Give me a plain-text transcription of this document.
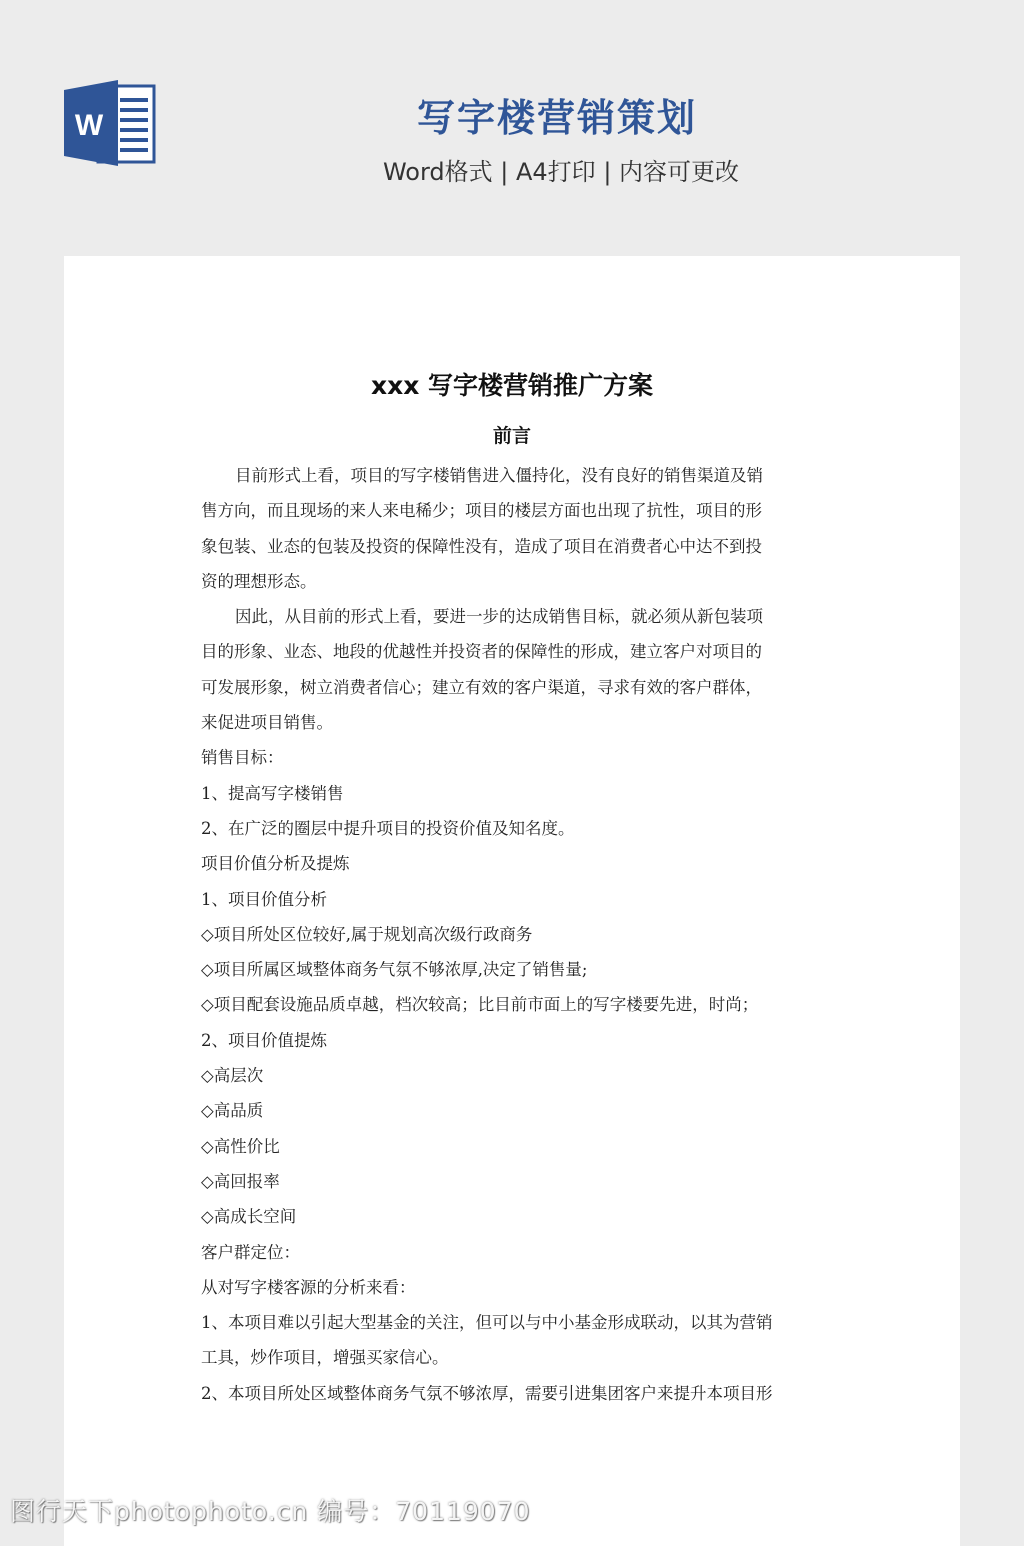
W	写字楼营销策划
Word格式 | A4打印 | 内容可更改
xxx 写字楼营销推广方案
前言
目前形式上看，项目的写字楼销售进入僵持化，没有良好的销售渠道及销
售方向，而且现场的来人来电稀少；项目的楼层方面也出现了抗性，项目的形
象包装、业态的包装及投资的保障性没有，造成了项目在消费者心中达不到投
资的理想形态。
因此，从目前的形式上看，要进一步的达成销售目标，就必须从新包装项
目的形象、业态、地段的优越性并投资者的保障性的形成，建立客户对项目的
可发展形象，树立消费者信心；建立有效的客户渠道，寻求有效的客户群体，
来促进项目销售。
销售目标：
1、提高写字楼销售
2、在广泛的圈层中提升项目的投资价值及知名度。
项目价值分析及提炼
1、项目价值分析
◇项目所处区位较好,属于规划高次级行政商务
◇项目所属区域整体商务气氛不够浓厚,决定了销售量;
◇项目配套设施品质卓越，档次较高；比目前市面上的写字楼要先进，时尚；
2、项目价值提炼
◇高层次
◇高品质
◇高性价比
◇高回报率
◇高成长空间
客户群定位：
从对写字楼客源的分析来看：
1、本项目难以引起大型基金的关注，但可以与中小基金形成联动，以其为营销
工具，炒作项目，增强买家信心。
2、本项目所处区域整体商务气氛不够浓厚，需要引进集团客户来提升本项目形
图行天下photophoto.cn 编号：70119070
